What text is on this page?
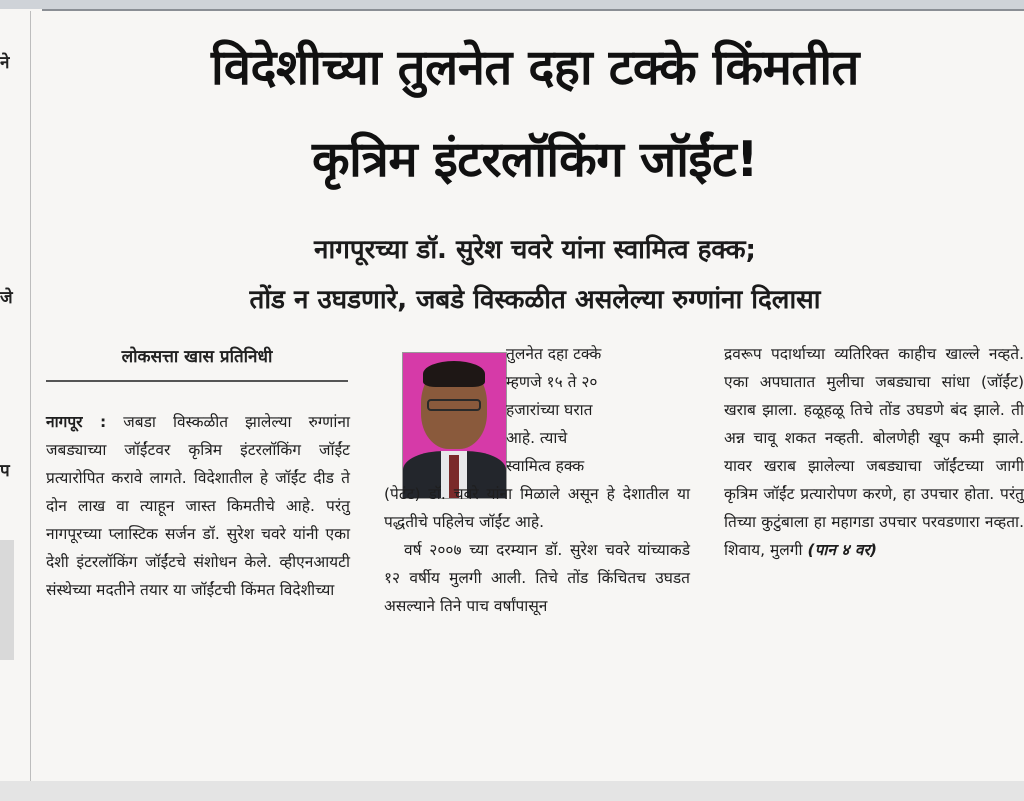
ने
जे
प
विदेशीच्या तुलनेत दहा टक्के किंमतीत
कृत्रिम इंटरलॉकिंग जॉईंट!
नागपूरच्या डॉ. सुरेश चवरे यांना स्वामित्व हक्क;
तोंड न उघडणारे, जबडे विस्कळीत असलेल्या रुग्णांना दिलासा
लोकसत्ता खास प्रतिनिधी

नागपूर : जबडा विस्कळीत झालेल्या रुग्णांना जबड्याच्या जॉईंटवर कृत्रिम इंटरलॉकिंग जॉईंट प्रत्यारोपित करावे लागते. विदेशातील हे जॉईंट दीड ते दोन लाख वा त्याहून जास्त किमतीचे आहे. परंतु नागपूरच्या प्लास्टिक सर्जन डॉ. सुरेश चवरे यांनी एका देशी इंटरलॉकिंग जॉईंटचे संशोधन केले. व्हीएनआयटी संस्थेच्या मदतीने तयार या जॉईंटची किंमत विदेशीच्या

तुलनेत दहा टक्के
म्हणजे १५ ते २०
हजारांच्या घरात
आहे. त्याचे
स्वामित्व हक्क

(पेटंट) डॉ. चवरे यांना मिळाले असून हे देशातील या पद्धतीचे पहिलेच जॉईंट आहे.

वर्ष २००७ च्या दरम्यान डॉ. सुरेश चवरे यांच्याकडे १२ वर्षीय मुलगी आली. तिचे तोंड किंचितच उघडत असल्याने तिने पाच वर्षांपासून

द्रवरूप पदार्थाच्या व्यतिरिक्त काहीच खाल्ले नव्हते. एका अपघातात मुलीचा जबड्याचा सांधा (जॉईंट) खराब झाला. हळूहळू तिचे तोंड उघडणे बंद झाले. ती अन्न चावू शकत नव्हती. बोलणेही खूप कमी झाले. यावर खराब झालेल्या जबड्याचा जॉईंटच्या जागी कृत्रिम जॉईंट प्रत्यारोपण करणे, हा उपचार होता. परंतु तिच्या कुटुंबाला हा महागडा उपचार परवडणारा नव्हता. शिवाय, मुलगी (पान ४ वर)
